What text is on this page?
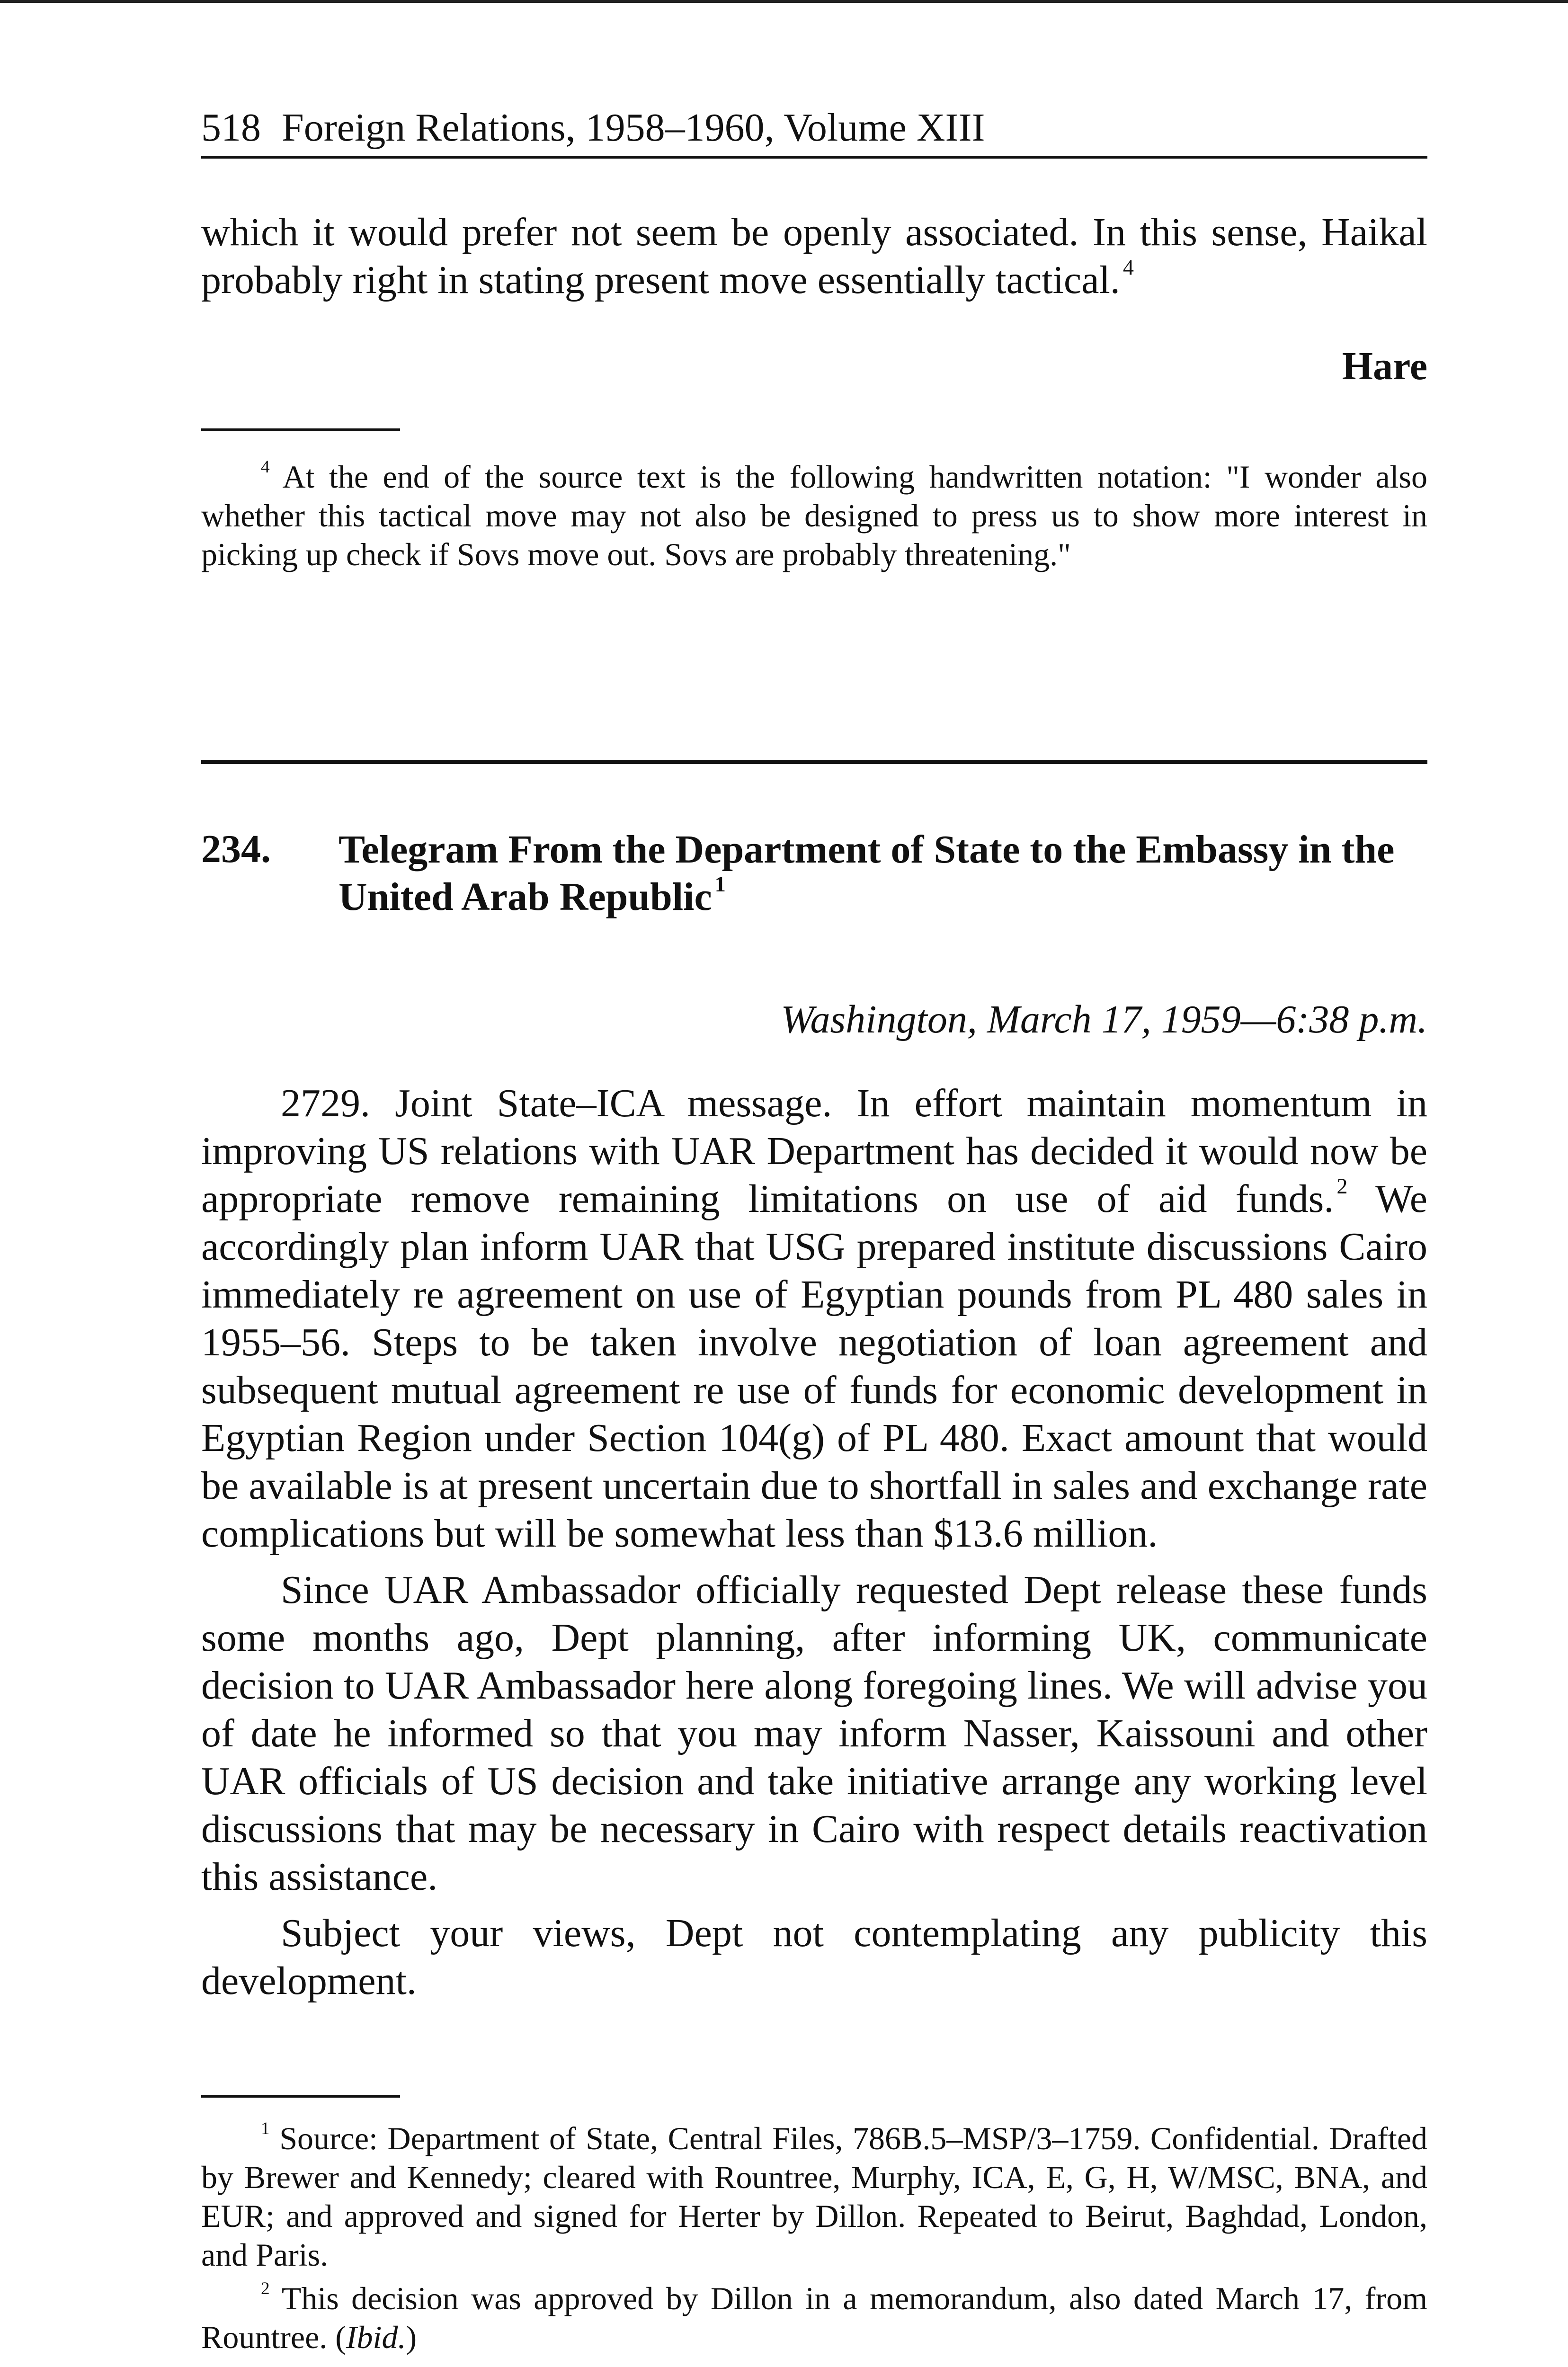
518 Foreign Relations, 1958–1960, Volume XIII

which it would prefer not seem be openly associated. In this sense, Haikal probably right in stating present move essentially tactical. $^4$

Hare

$^4$ At the end of the source text is the following handwritten notation: "I wonder also whether this tactical move may not also be designed to press us to show more interest in picking up check if Sovs move out. Sovs are probably threatening."

234. Telegram From the Department of State to the Embassy in the United Arab Republic $^1$
Washington, March 17, 1959—6:38 p.m.

2729. Joint State–ICA message. In effort maintain momentum in improving US relations with UAR Department has decided it would now be appropriate remove remaining limitations on use of aid funds. $^2$ We accordingly plan inform UAR that USG prepared institute discussions Cairo immediately re agreement on use of Egyptian pounds from PL 480 sales in 1955–56. Steps to be taken involve negotiation of loan agreement and subsequent mutual agreement re use of funds for economic development in Egyptian Region under Section 104(g) of PL 480. Exact amount that would be available is at present uncertain due to shortfall in sales and exchange rate complications but will be somewhat less than $13.6 million.

Since UAR Ambassador officially requested Dept release these funds some months ago, Dept planning, after informing UK, communicate decision to UAR Ambassador here along foregoing lines. We will advise you of date he informed so that you may inform Nasser, Kaissouni and other UAR officials of US decision and take initiative arrange any working level discussions that may be necessary in Cairo with respect details reactivation this assistance.

Subject your views, Dept not contemplating any publicity this development.

$^1$ Source: Department of State, Central Files, 786B.5–MSP/3–1759. Confidential. Drafted by Brewer and Kennedy; cleared with Rountree, Murphy, ICA, E, G, H, W/MSC, BNA, and EUR; and approved and signed for Herter by Dillon. Repeated to Beirut, Baghdad, London, and Paris.

$^2$ This decision was approved by Dillon in a memorandum, also dated March 17, from Rountree. (Ibid.)
